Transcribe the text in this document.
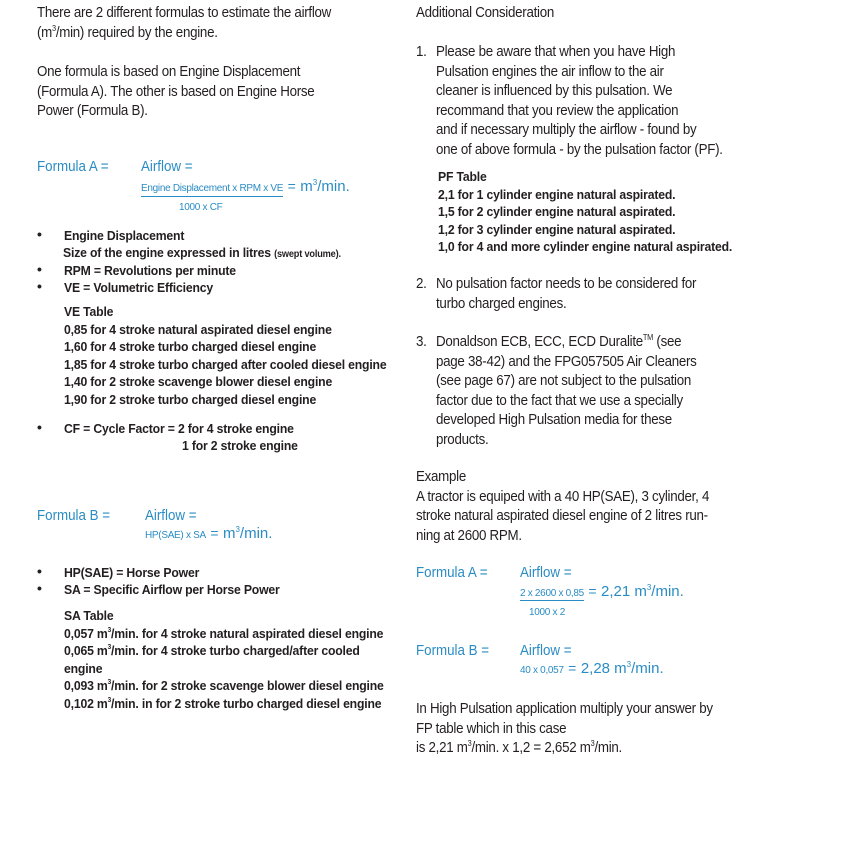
There are 2 different formulas to estimate the airflow
$(m^3/\min)$ required by the engine.
One formula is based on Engine Displacement
(Formula A). The other is based on Engine Horse
Power (Formula B).
Formula A = Airflow =
Engine Displacement x RPM x VE = $m^3/\min$.
1000 x CF
• Engine Displacement
Size of the engine expressed in litres (swept volume).
• RPM = Revolutions per minute
• VE = Volumetric Efficiency
VE Table
0,85 for 4 stroke natural aspirated diesel engine
1,60 for 4 stroke turbo charged diesel engine
1,85 for 4 stroke turbo charged after cooled diesel engine
1,40 for 2 stroke scavenge blower diesel engine
1,90 for 2 stroke turbo charged diesel engine
• CF = Cycle Factor = 2 for 4 stroke engine
1 for 2 stroke engine
Formula B = Airflow =
HP(SAE) x SA = $m^3/\min$.
• HP(SAE) = Horse Power
• SA = Specific Airflow per Horse Power
SA Table
0,057 $m^3/\min$. for 4 stroke natural aspirated diesel engine
0,065 $m^3/\min$. for 4 stroke turbo charged/after cooled
engine
0,093 $m^3/\min$. for 2 stroke scavenge blower diesel engine
0,102 $m^3/\min$. in for 2 stroke turbo charged diesel engine
Additional Consideration
1. Please be aware that when you have High
Pulsation engines the air inflow to the air
cleaner is influenced by this pulsation. We
recommand that you review the application
and if necessary multiply the airflow - found by
one of above formula - by the pulsation factor (PF).
PF Table
2,1 for 1 cylinder engine natural aspirated.
1,5 for 2 cylinder engine natural aspirated.
1,2 for 3 cylinder engine natural aspirated.
1,0 for 4 and more cylinder engine natural aspirated.
2. No pulsation factor needs to be considered for
turbo charged engines.
3. Donaldson ECB, ECC, ECD Duralite™ (see
page 38-42) and the FPG057505 Air Cleaners
(see page 67) are not subject to the pulsation
factor due to the fact that we use a specially
developed High Pulsation media for these
products.
Example
A tractor is equiped with a 40 HP(SAE), 3 cylinder, 4
stroke natural aspirated diesel engine of 2 litres run-
ning at 2600 RPM.
Formula A = Airflow =
2 x 2600 x 0,85 = 2,21 $m^3/\min$.
1000 x 2
Formula B = Airflow =
40 x 0,057 = 2,28 $m^3/\min$.
In High Pulsation application multiply your answer by
FP table which in this case
is 2,21 $m^3/\min$. x 1,2 = 2,652 $m^3/\min$.
